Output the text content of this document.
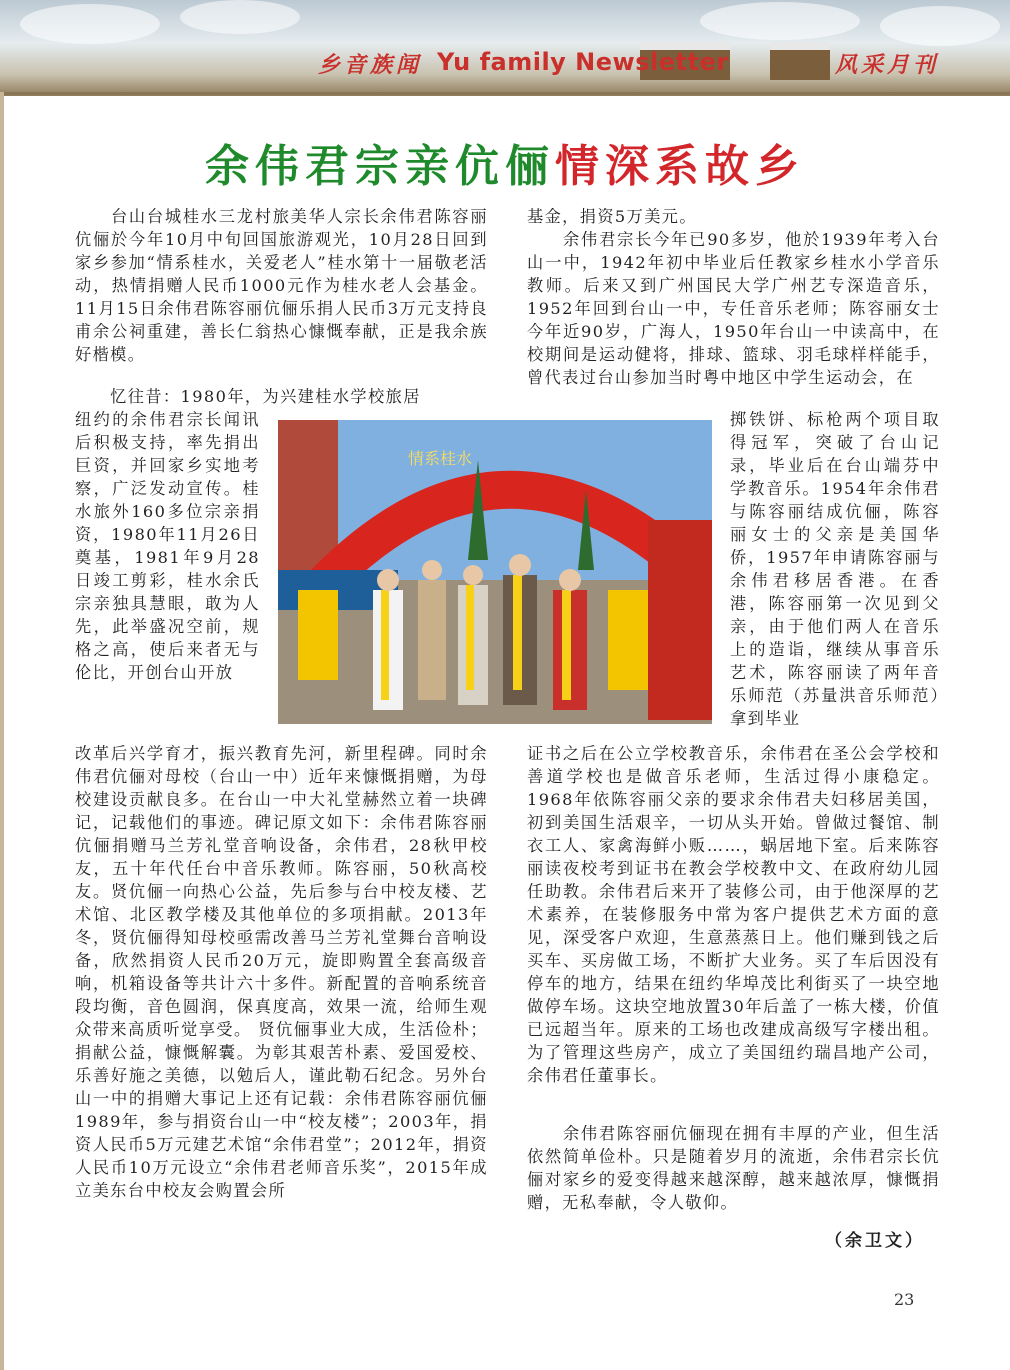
乡音族闻 Yu family Newsletter	风采月刊
余伟君宗亲伉俪情深系故乡

　　台山台城桂水三龙村旅美华人宗长余伟君陈容丽伉俪於今年10月中旬回国旅游观光，10月28日回到家乡参加“情系桂水，关爱老人”桂水第十一届敬老活动，热情捐赠人民币1000元作为桂水老人会基金。11月15日余伟君陈容丽伉俪乐捐人民币3万元支持良甫余公祠重建，善长仁翁热心慷慨奉献，正是我余族好楷模。

　　忆往昔：1980年，为兴建桂水学校旅居

纽约的余伟君宗长闻讯后积极支持，率先捐出巨资，并回家乡实地考察，广泛发动宣传。桂水旅外160多位宗亲捐资，1980年11月26日奠基，1981年9月28日竣工剪彩，桂水余氏宗亲独具慧眼，敢为人先，此举盛况空前，规格之高，使后来者无与伦比，开创台山开放

改革后兴学育才，振兴教育先河，新里程碑。同时余伟君伉俪对母校（台山一中）近年来慷慨捐赠，为母校建设贡献良多。在台山一中大礼堂赫然立着一块碑记，记载他们的事迹。碑记原文如下：余伟君陈容丽伉俪捐赠马兰芳礼堂音响设备，余伟君，28秋甲校友，五十年代任台中音乐教师。陈容丽，50秋高校友。贤伉俪一向热心公益，先后参与台中校友楼、艺术馆、北区教学楼及其他单位的多项捐献。2013年冬，贤伉俪得知母校亟需改善马兰芳礼堂舞台音响设备，欣然捐资人民币20万元，旋即购置全套高级音响，机箱设备等共计六十多件。新配置的音响系统音段均衡，音色圆润，保真度高，效果一流，给师生观众带来高质听觉享受。 贤伉俪事业大成，生活俭朴；捐献公益，慷慨解囊。为彰其艰苦朴素、爱国爱校、乐善好施之美德，以勉后人，谨此勒石纪念。另外台山一中的捐赠大事记上还有记载：余伟君陈容丽伉俪1989年，参与捐资台山一中“校友楼”；2003年，捐资人民币5万元建艺术馆“余伟君堂”；2012年，捐资人民币10万元设立“余伟君老师音乐奖”，2015年成立美东台中校友会购置会所

基金，捐资5万美元。

　　余伟君宗长今年已90多岁，他於1939年考入台山一中，1942年初中毕业后任教家乡桂水小学音乐教师。后来又到广州国民大学广州艺专深造音乐，1952年回到台山一中，专任音乐老师；陈容丽女士今年近90岁，广海人，1950年台山一中读高中，在校期间是运动健将，排球、篮球、羽毛球样样能手，曾代表过台山参加当时粤中地区中学生运动会，在

掷铁饼、标枪两个项目取得冠军，突破了台山记录，毕业后在台山端芬中学教音乐。1954年余伟君与陈容丽结成伉俪，陈容丽女士的父亲是美国华侨，1957年申请陈容丽与余伟君移居香港。在香港，陈容丽第一次见到父亲，由于他们两人在音乐上的造诣，继续从事音乐艺术，陈容丽读了两年音乐师范（苏量洪音乐师范）拿到毕业

证书之后在公立学校教音乐，余伟君在圣公会学校和善道学校也是做音乐老师，生活过得小康稳定。1968年依陈容丽父亲的要求余伟君夫妇移居美国，初到美国生活艰辛，一切从头开始。曾做过餐馆、制衣工人、家禽海鲜小贩……，蜗居地下室。后来陈容丽读夜校考到证书在教会学校教中文、在政府幼儿园任助教。余伟君后来开了装修公司，由于他深厚的艺术素养，在装修服务中常为客户提供艺术方面的意见，深受客户欢迎，生意蒸蒸日上。他们赚到钱之后买车、买房做工场，不断扩大业务。买了车后因没有停车的地方，结果在纽约华埠茂比利街买了一块空地做停车场。这块空地放置30年后盖了一栋大楼，价值已远超当年。原来的工场也改建成高级写字楼出租。为了管理这些房产，成立了美国纽约瑞昌地产公司，余伟君任董事长。

　　余伟君陈容丽伉俪现在拥有丰厚的产业，但生活依然简单俭朴。只是随着岁月的流逝，余伟君宗长伉俪对家乡的爱变得越来越深醇，越来越浓厚，慷慨捐赠，无私奉献，令人敬仰。

情系桂水
（余卫文）
23
